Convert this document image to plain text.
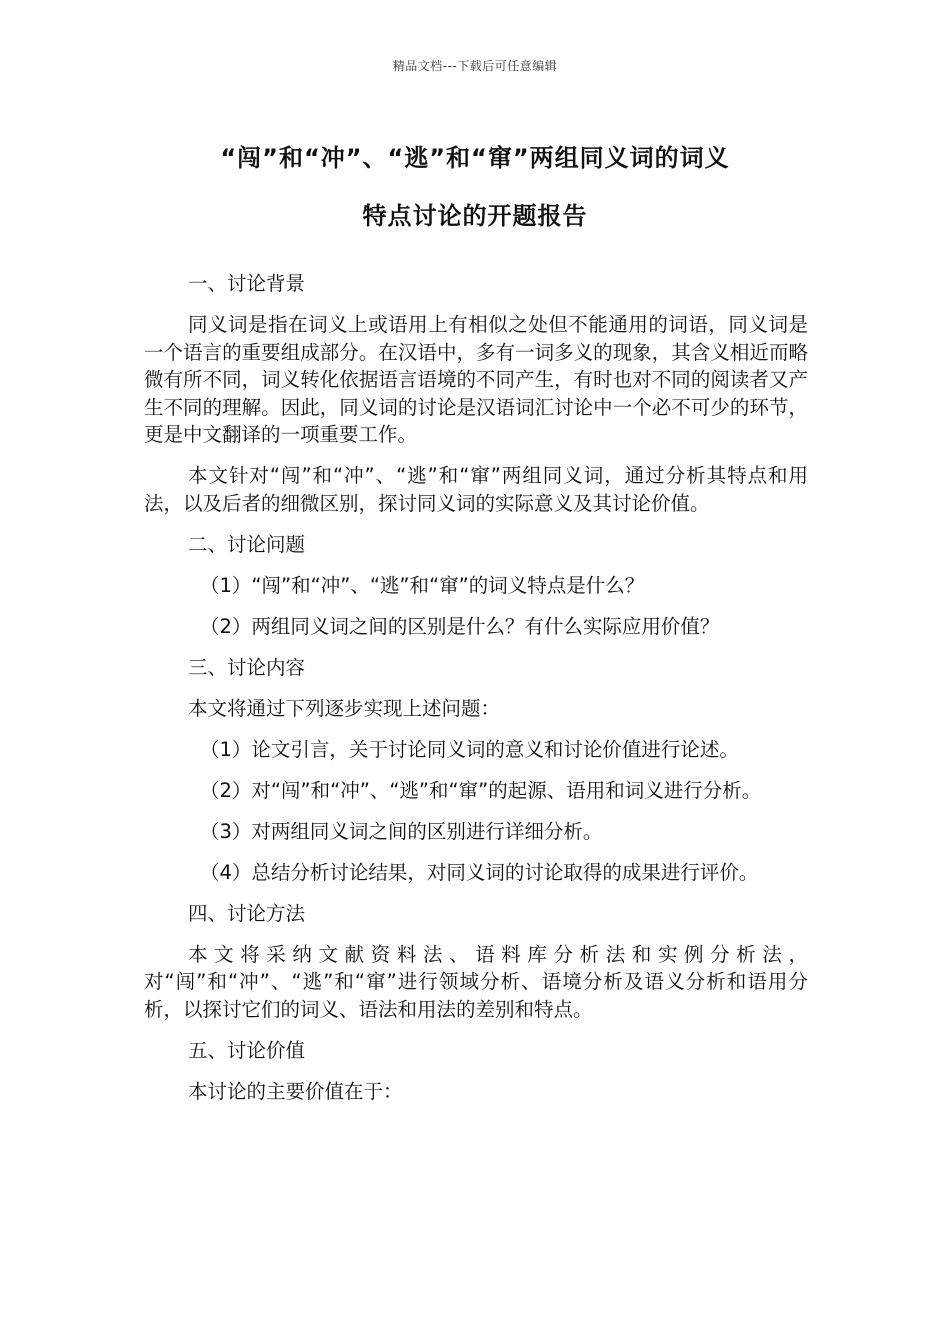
精品文档---下载后可任意编辑
“闯”和“冲”、“逃”和“窜”两组同义词的词义
特点讨论的开题报告

一、讨论背景

同义词是指在词义上或语用上有相似之处但不能通用的词语，同义词是一个语言的重要组成部分。在汉语中，多有一词多义的现象，其含义相近而略微有所不同，词义转化依据语言语境的不同产生，有时也对不同的阅读者又产生不同的理解。因此，同义词的讨论是汉语词汇讨论中一个必不可少的环节，更是中文翻译的一项重要工作。

本文针对“闯”和“冲”、“逃”和“窜”两组同义词，通过分析其特点和用法，以及后者的细微区别，探讨同义词的实际意义及其讨论价值。

二、讨论问题

（1）“闯”和“冲”、“逃”和“窜”的词义特点是什么？

（2）两组同义词之间的区别是什么？有什么实际应用价值？

三、讨论内容

本文将通过下列逐步实现上述问题：

（1）论文引言，关于讨论同义词的意义和讨论价值进行论述。

（2）对“闯”和“冲”、“逃”和“窜”的起源、语用和词义进行分析。

（3）对两组同义词之间的区别进行详细分析。

（4）总结分析讨论结果，对同义词的讨论取得的成果进行评价。

四、讨论方法

本文将采纳文献资料法、语料库分析法和实例分析法，对“闯”和“冲”、“逃”和“窜”进行领域分析、语境分析及语义分析和语用分析，以探讨它们的词义、语法和用法的差别和特点。

五、讨论价值

本讨论的主要价值在于：
